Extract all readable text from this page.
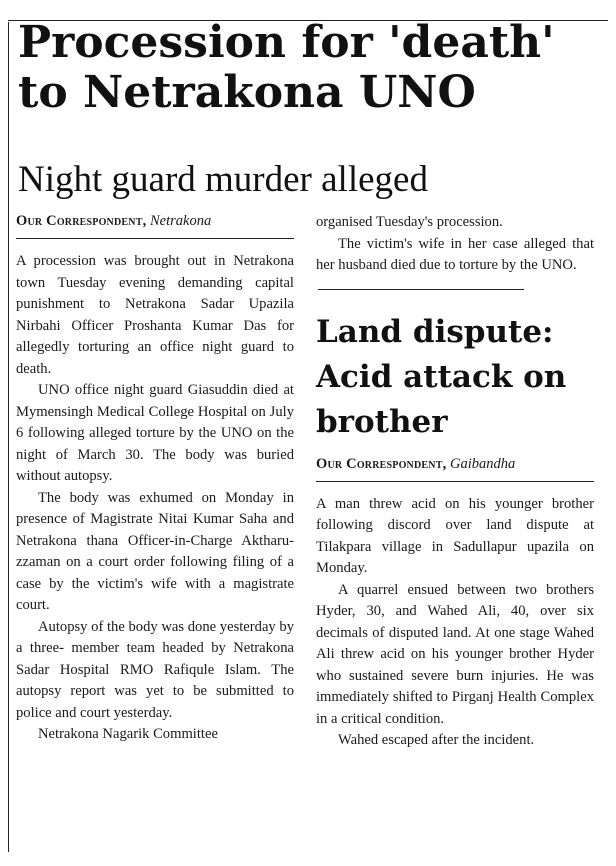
Procession for 'death' to Netrakona UNO
Night guard murder alleged
Our Correspondent, Netrakona

A procession was brought out in Netrakona town Tuesday evening demanding capital punishment to Netrakona Sadar Upazila Nirbahi Officer Proshanta Kumar Das for allegedly torturing an office night guard to death.

UNO office night guard Giasuddin died at Mymensingh Medical College Hospital on July 6 following alleged torture by the UNO on the night of March 30. The body was buried without autopsy.

The body was exhumed on Monday in presence of Magistrate Nitai Kumar Saha and Netrakona thana Officer-in-Charge Aktharu-zzaman on a court order following filing of a case by the victim's wife with a magistrate court.

Autopsy of the body was done yesterday by a three- member team headed by Netrakona Sadar Hospital RMO Rafiqule Islam. The autopsy report was yet to be submitted to police and court yesterday.

Netrakona Nagarik Committee

organised Tuesday's procession.

The victim's wife in her case alleged that her husband died due to torture by the UNO.

Land dispute: Acid attack on brother
Our Correspondent, Gaibandha

A man threw acid on his younger brother following discord over land dispute at Tilakpara village in Sadullapur upazila on Monday.

A quarrel ensued between two brothers Hyder, 30, and Wahed Ali, 40, over six decimals of disputed land. At one stage Wahed Ali threw acid on his younger brother Hyder who sustained severe burn injuries. He was immediately shifted to Pirganj Health Complex in a critical condition.

Wahed escaped after the incident.
